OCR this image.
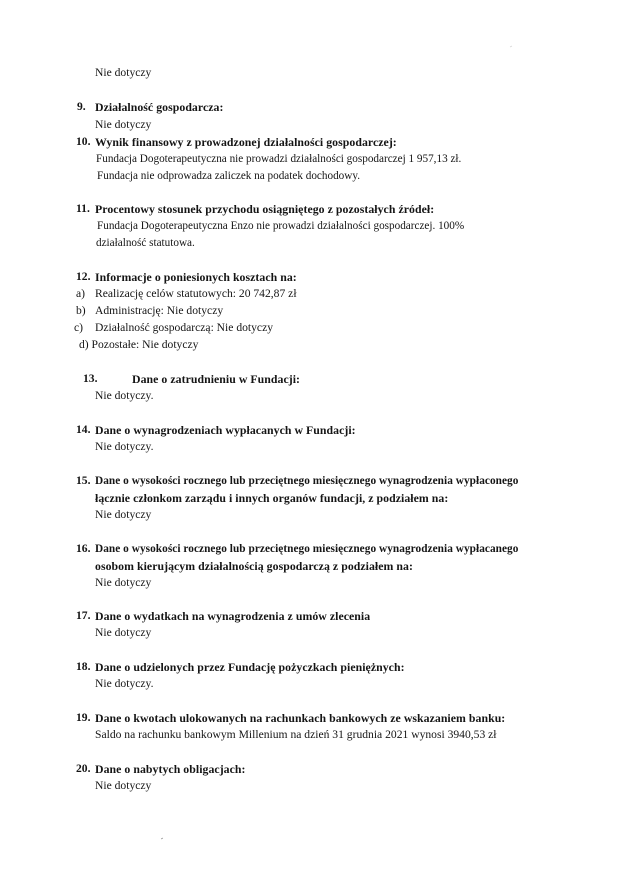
Nie dotyczy
9. Działalność gospodarcza:
Nie dotyczy
10. Wynik finansowy z prowadzonej działalności gospodarczej:
Fundacja Dogoterapeutyczna nie prowadzi działalności gospodarczej 1 957,13 zł.
Fundacja nie odprowadza zaliczek na podatek dochodowy.
11. Procentowy stosunek przychodu osiągniętego z pozostałych źródeł:
Fundacja Dogoterapeutyczna Enzo nie prowadzi działalności gospodarczej. 100%
działalność statutowa.
12. Informacje o poniesionych kosztach na:
a) Realizację celów statutowych: 20 742,87 zł
b) Administrację: Nie dotyczy
c) Działalność gospodarczą: Nie dotyczy
d) Pozostałe: Nie dotyczy
13.	Dane o zatrudnieniu w Fundacji:
Nie dotyczy.
14. Dane o wynagrodzeniach wypłacanych w Fundacji:
Nie dotyczy.
15. Dane o wysokości rocznego lub przeciętnego miesięcznego wynagrodzenia wypłaconego
łącznie członkom zarządu i innych organów fundacji, z podziałem na:
Nie dotyczy
16. Dane o wysokości rocznego lub przeciętnego miesięcznego wynagrodzenia wypłacanego
osobom kierującym działalnością gospodarczą z podziałem na:
Nie dotyczy
17. Dane o wydatkach na wynagrodzenia z umów zlecenia
Nie dotyczy
18. Dane o udzielonych przez Fundację pożyczkach pieniężnych:
Nie dotyczy.
19. Dane o kwotach ulokowanych na rachunkach bankowych ze wskazaniem banku:
Saldo na rachunku bankowym Millenium na dzień 31 grudnia 2021 wynosi 3940,53 zł
20. Dane o nabytych obligacjach:
Nie dotyczy
